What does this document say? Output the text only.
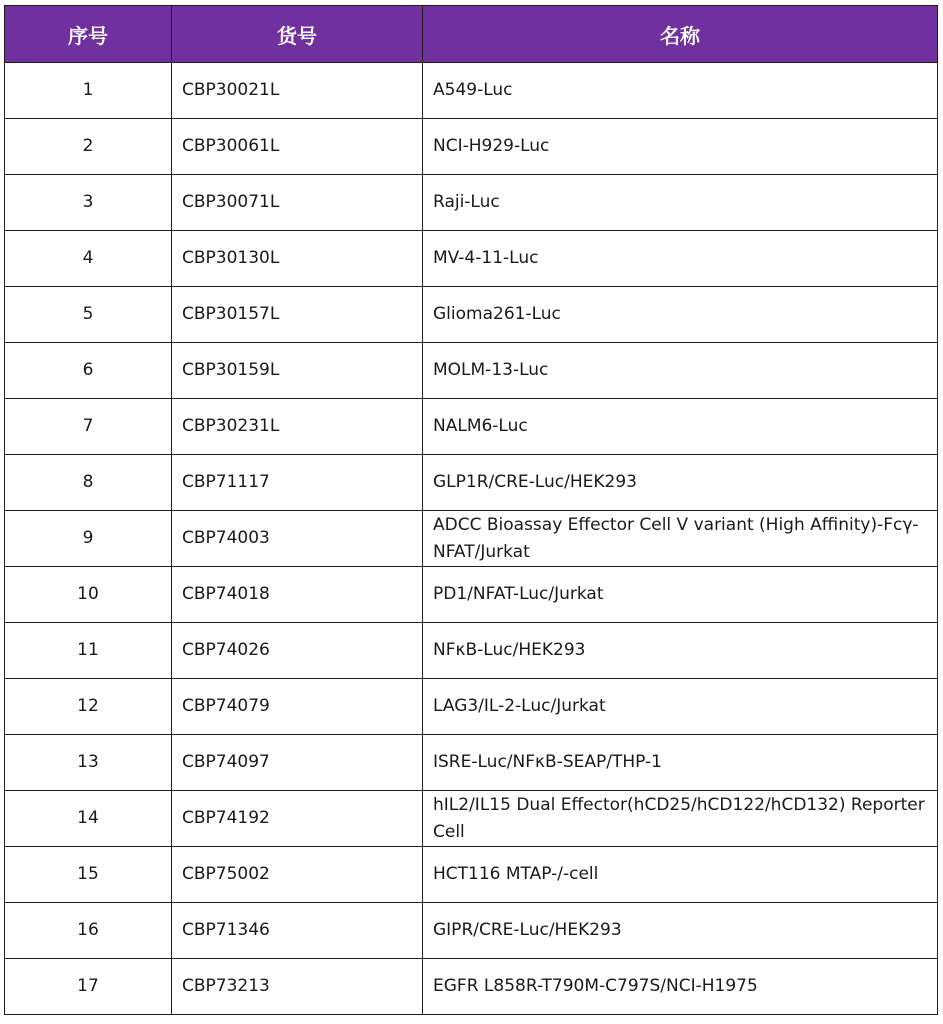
序号	货号	名称
1	CBP30021L	A549-Luc
2	CBP30061L	NCI-H929-Luc
3	CBP30071L	Raji-Luc
4	CBP30130L	MV-4-11-Luc
5	CBP30157L	Glioma261-Luc
6	CBP30159L	MOLM-13-Luc
7	CBP30231L	NALM6-Luc
8	CBP71117	GLP1R/CRE-Luc/HEK293
9	CBP74003	ADCC Bioassay Effector Cell V variant (High Affinity)-Fcγ-NFAT/Jurkat
10	CBP74018	PD1/NFAT-Luc/Jurkat
11	CBP74026	NFκB-Luc/HEK293
12	CBP74079	LAG3/IL-2-Luc/Jurkat
13	CBP74097	ISRE-Luc/NFκB-SEAP/THP-1
14	CBP74192	hIL2/IL15 Dual Effector(hCD25/hCD122/hCD132) Reporter Cell
15	CBP75002	HCT116 MTAP-/-cell
16	CBP71346	GIPR/CRE-Luc/HEK293
17	CBP73213	EGFR L858R-T790M-C797S/NCI-H1975
